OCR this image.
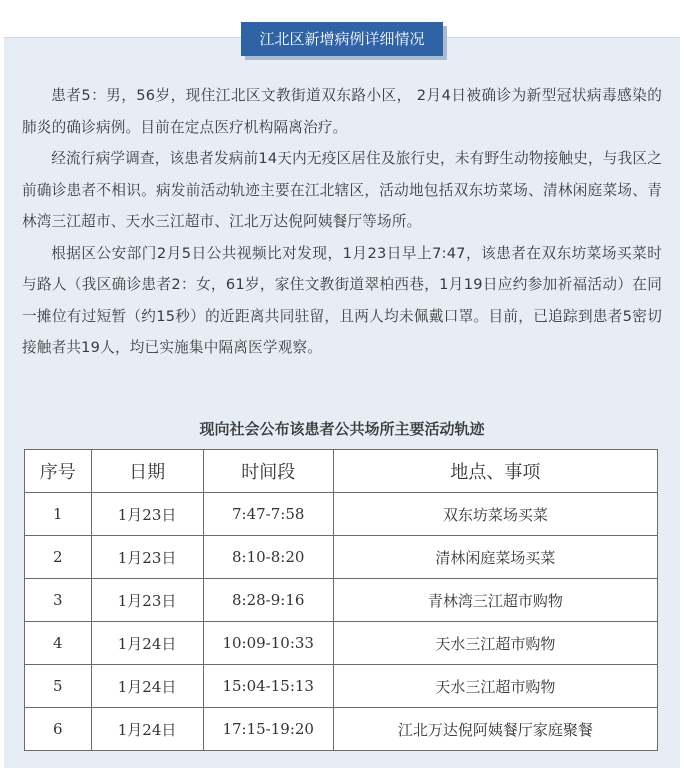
江北区新增病例详细情况

患者5：男，56岁，现住江北区文教街道双东路小区， 2月4日被确诊为新型冠状病毒感染的肺炎的确诊病例。目前在定点医疗机构隔离治疗。

经流行病学调查，该患者发病前14天内无疫区居住及旅行史，未有野生动物接触史，与我区之前确诊患者不相识。病发前活动轨迹主要在江北辖区，活动地包括双东坊菜场、清林闲庭菜场、青林湾三江超市、天水三江超市、江北万达倪阿姨餐厅等场所。

根据区公安部门2月5日公共视频比对发现，1月23日早上7:47，该患者在双东坊菜场买菜时与路人（我区确诊患者2：女，61岁，家住文教街道翠柏西巷，1月19日应约参加祈福活动）在同一摊位有过短暂（约15秒）的近距离共同驻留，且两人均未佩戴口罩。目前，已追踪到患者5密切接触者共19人，均已实施集中隔离医学观察。

现向社会公布该患者公共场所主要活动轨迹
序号	日期	时间段	地点、事项
1	1月23日	7:47-7:58	双东坊菜场买菜
2	1月23日	8:10-8:20	清林闲庭菜场买菜
3	1月23日	8:28-9:16	青林湾三江超市购物
4	1月24日	10:09-10:33	天水三江超市购物
5	1月24日	15:04-15:13	天水三江超市购物
6	1月24日	17:15-19:20	江北万达倪阿姨餐厅家庭聚餐
